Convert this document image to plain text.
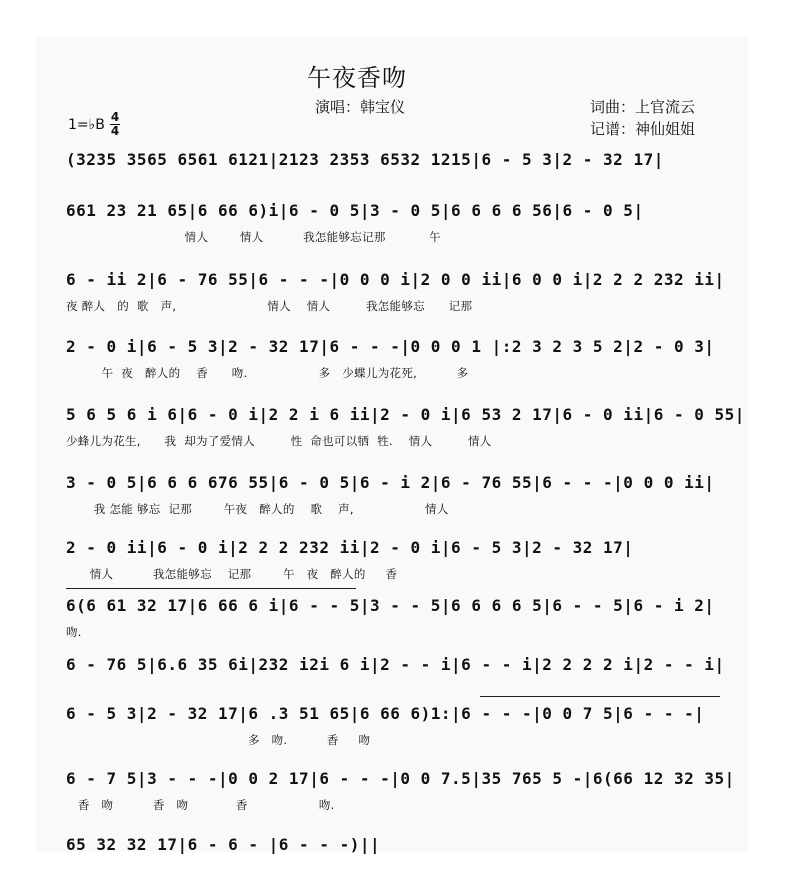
午夜香吻
演唱：韩宝仪	词曲：上官流云
记谱：神仙姐姐
1=♭B 4
4
(3235 3565 6561 6121|2123 2353 6532 1215|6 - 5 3|2 - 32 17|
661 23 21 65|6 66 6)i|6 - 0 5|3 - 0 5|6 6 6 6 56|6 - 0 5|
情人        情人          我怎能够忘记那           午
6 - ii 2|6 - 76 55|6 - - -|0 0 0 i|2 0 0 ii|6 0 0 i|2 2 2 232 ii|
夜 醉人   的  歌   声,                       情人    情人         我怎能够忘      记那
2 - 0 i|6 - 5 3|2 - 32 17|6 - - -|0 0 0 1 |:2 3 2 3 5 2|2 - 0 3|
午  夜   醉人的    香      吻.                  多   少蝶儿为花死,          多
5 6 5 6 i 6|6 - 0 i|2 2 i 6 ii|2 - 0 i|6 53 2 17|6 - 0 ii|6 - 0 55|
少蜂儿为花生,      我  却为了爱情人         性  命也可以牺  牲.    情人         情人
3 - 0 5|6 6 6 676 55|6 - 0 5|6 - i 2|6 - 76 55|6 - - -|0 0 0 ii|
我 怎能 够忘  记那        午夜   醉人的    歌    声,                  情人
2 - 0 ii|6 - 0 i|2 2 2 232 ii|2 - 0 i|6 - 5 3|2 - 32 17|
情人          我怎能够忘    记那        午   夜   醉人的     香
6(6 61 32 17|6 66 6 i|6 - - 5|3 - - 5|6 6 6 6 5|6 - - 5|6 - i 2|
吻.
6 - 76 5|6.6 35 6i|232 i2i 6 i|2 - - i|6 - - i|2 2 2 2 i|2 - - i|
6 - 5 3|2 - 32 17|6 .3 51 65|6 66 6)1:|6 - - -|0 0 7 5|6 - - -|
多   吻.          香     吻
6 - 7 5|3 - - -|0 0 2 17|6 - - -|0 0 7.5|35 765 5 -|6(66 12 32 35|
香   吻          香   吻            香                  吻.
65 32 32 17|6 - 6 - |6 - - -)||
